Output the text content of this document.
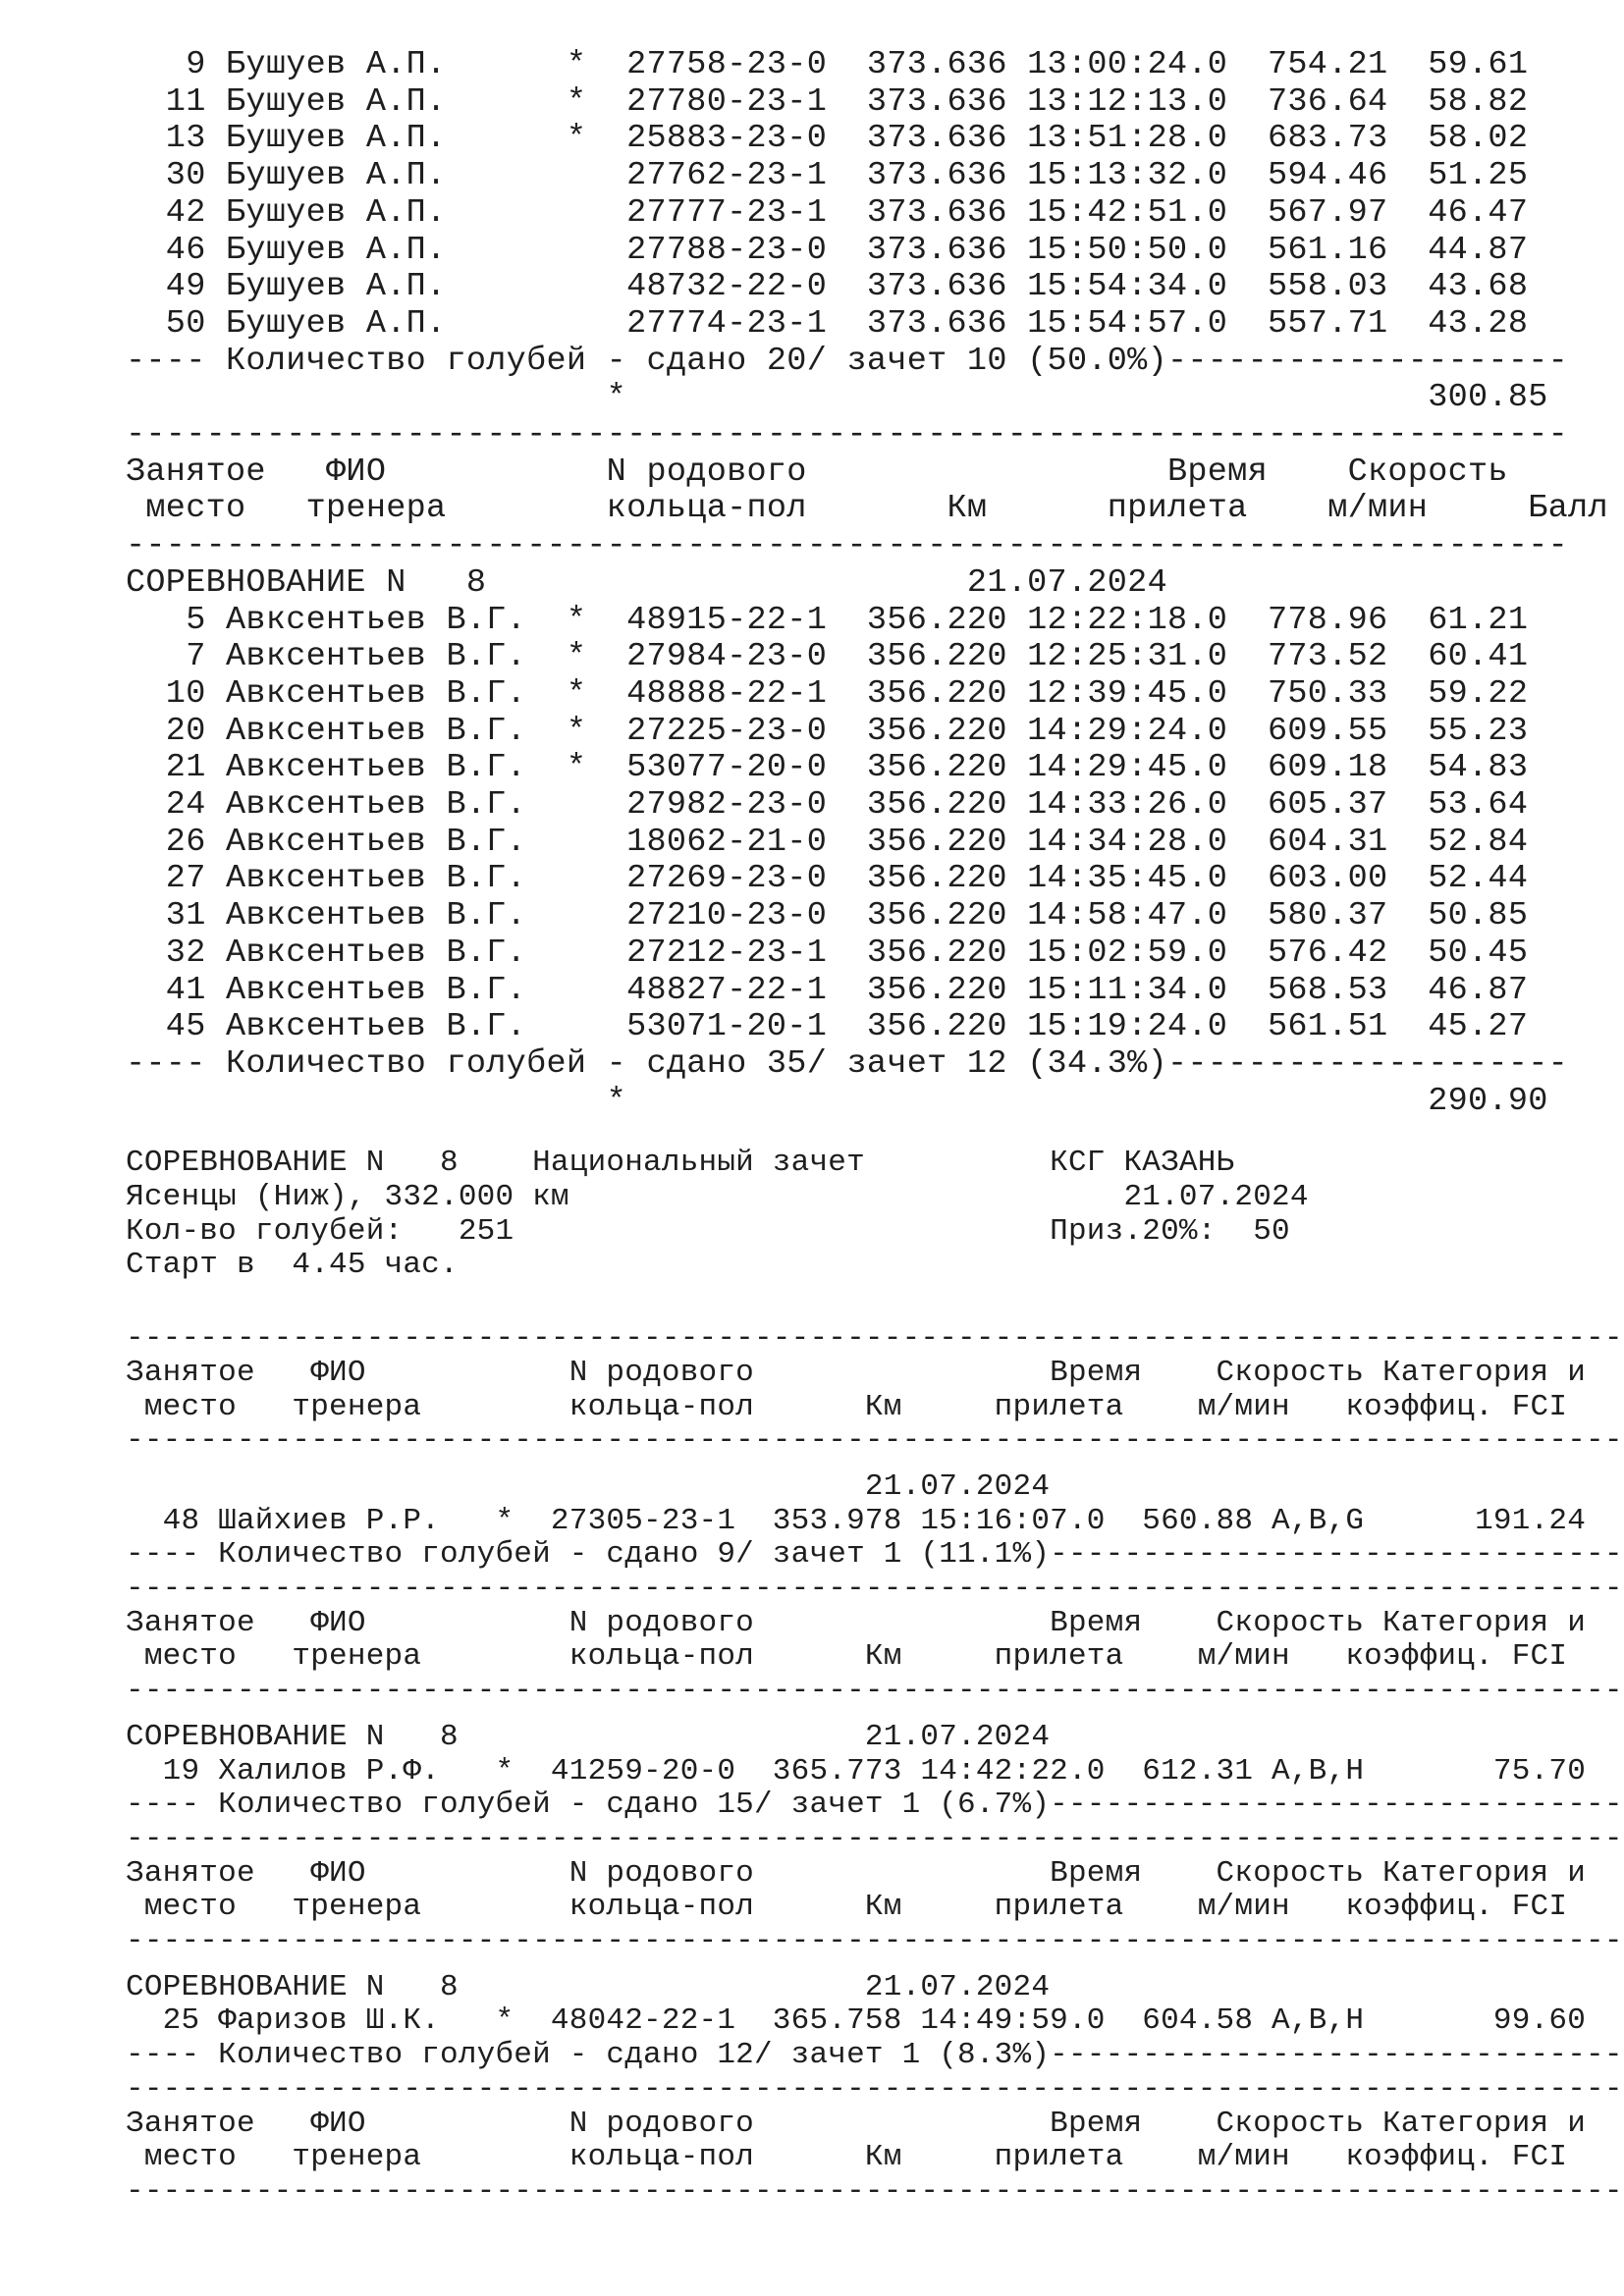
9 Бушуев А.П.      *  27758-23-0  373.636 13:00:24.0  754.21  59.61
11 Бушуев А.П.      *  27780-23-1  373.636 13:12:13.0  736.64  58.82
13 Бушуев А.П.      *  25883-23-0  373.636 13:51:28.0  683.73  58.02
30 Бушуев А.П.         27762-23-1  373.636 15:13:32.0  594.46  51.25
42 Бушуев А.П.         27777-23-1  373.636 15:42:51.0  567.97  46.47
46 Бушуев А.П.         27788-23-0  373.636 15:50:50.0  561.16  44.87
49 Бушуев А.П.         48732-22-0  373.636 15:54:34.0  558.03  43.68
50 Бушуев А.П.         27774-23-1  373.636 15:54:57.0  557.71  43.28
---- Количество голубей - сдано 20/ зачет 10 (50.0%)--------------------
*                                        300.85
------------------------------------------------------------------------
Занятое   ФИО           N родового                  Время    Скорость
место   тренера        кольца-пол       Км      прилета    м/мин     Балл
------------------------------------------------------------------------
СОРЕВНОВАНИЕ N   8                        21.07.2024
5 Авксентьев В.Г.  *  48915-22-1  356.220 12:22:18.0  778.96  61.21
7 Авксентьев В.Г.  *  27984-23-0  356.220 12:25:31.0  773.52  60.41
10 Авксентьев В.Г.  *  48888-22-1  356.220 12:39:45.0  750.33  59.22
20 Авксентьев В.Г.  *  27225-23-0  356.220 14:29:24.0  609.55  55.23
21 Авксентьев В.Г.  *  53077-20-0  356.220 14:29:45.0  609.18  54.83
24 Авксентьев В.Г.     27982-23-0  356.220 14:33:26.0  605.37  53.64
26 Авксентьев В.Г.     18062-21-0  356.220 14:34:28.0  604.31  52.84
27 Авксентьев В.Г.     27269-23-0  356.220 14:35:45.0  603.00  52.44
31 Авксентьев В.Г.     27210-23-0  356.220 14:58:47.0  580.37  50.85
32 Авксентьев В.Г.     27212-23-1  356.220 15:02:59.0  576.42  50.45
41 Авксентьев В.Г.     48827-22-1  356.220 15:11:34.0  568.53  46.87
45 Авксентьев В.Г.     53071-20-1  356.220 15:19:24.0  561.51  45.27
---- Количество голубей - сдано 35/ зачет 12 (34.3%)--------------------
*                                        290.90
СОРЕВНОВАНИЕ N   8    Национальный зачет          КСГ КАЗАНЬ
Ясенцы (Ниж), 332.000 км                              21.07.2024
Кол-во голубей:   251                             Приз.20%:  50
Старт в  4.45 час.
---------------------------------------------------------------------------------
Занятое   ФИО           N родового                Время    Скорость Категория и
место   тренера        кольца-пол      Км     прилета    м/мин   коэффиц. FCI
---------------------------------------------------------------------------------
21.07.2024
48 Шайхиев Р.Р.   *  27305-23-1  353.978 15:16:07.0  560.88 A,B,G      191.24
---- Количество голубей - сдано 9/ зачет 1 (11.1%)-------------------------------
---------------------------------------------------------------------------------
Занятое   ФИО           N родового                Время    Скорость Категория и
место   тренера        кольца-пол      Км     прилета    м/мин   коэффиц. FCI
---------------------------------------------------------------------------------
СОРЕВНОВАНИЕ N   8                      21.07.2024
19 Халилов Р.Ф.   *  41259-20-0  365.773 14:42:22.0  612.31 A,B,H       75.70
---- Количество голубей - сдано 15/ зачет 1 (6.7%)-------------------------------
---------------------------------------------------------------------------------
Занятое   ФИО           N родового                Время    Скорость Категория и
место   тренера        кольца-пол      Км     прилета    м/мин   коэффиц. FCI
---------------------------------------------------------------------------------
СОРЕВНОВАНИЕ N   8                      21.07.2024
25 Фаризов Ш.К.   *  48042-22-1  365.758 14:49:59.0  604.58 A,B,H       99.60
---- Количество голубей - сдано 12/ зачет 1 (8.3%)-------------------------------
---------------------------------------------------------------------------------
Занятое   ФИО           N родового                Время    Скорость Категория и
место   тренера        кольца-пол      Км     прилета    м/мин   коэффиц. FCI
---------------------------------------------------------------------------------
